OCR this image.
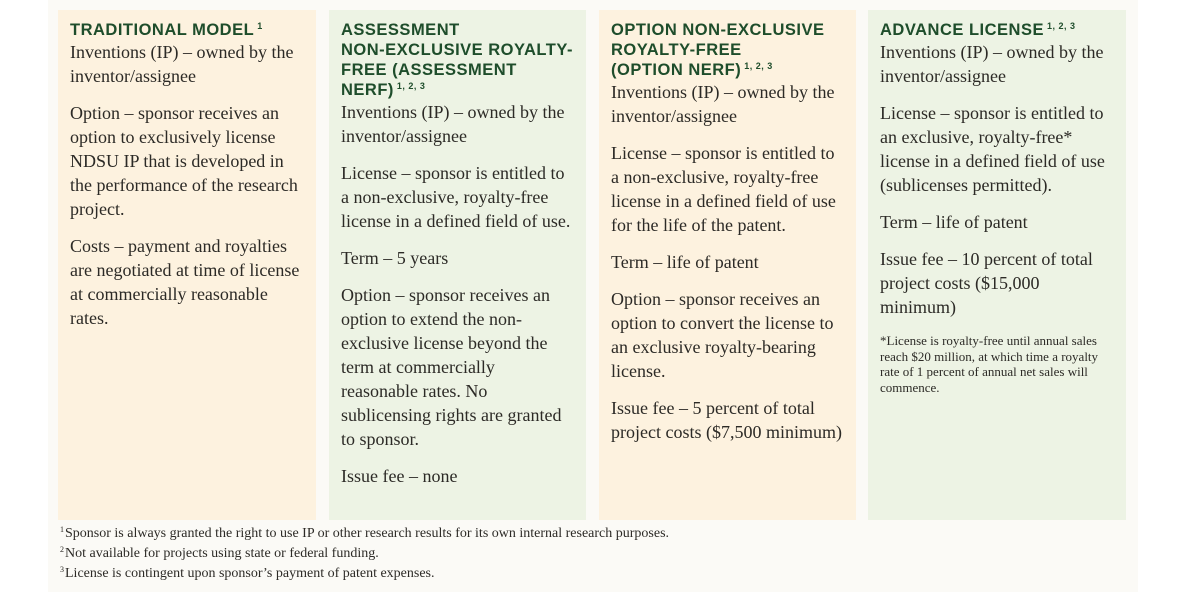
TRADITIONAL MODEL $^1$

Inventions (IP) – owned by the inventor/assignee

Option – sponsor receives an option to exclusively license NDSU IP that is developed in the performance of the research project.

Costs – payment and royalties are negotiated at time of license at commercially reasonable rates.

ASSESSMENT
NON-EXCLUSIVE ROYALTY-
FREE (ASSESSMENT NERF) $^{1, 2, 3}$

Inventions (IP) – owned by the inventor/assignee

License – sponsor is entitled to a non-exclusive, royalty-free license in a defined field of use.

Term – 5 years

Option – sponsor receives an option to extend the non-exclusive license beyond the term at commercially reasonable rates. No sublicensing rights are granted to sponsor.

Issue fee – none

OPTION NON-EXCLUSIVE
ROYALTY-FREE
(OPTION NERF) $^{1, 2, 3}$

Inventions (IP) – owned by the inventor/assignee

License – sponsor is entitled to a non-exclusive, royalty-free license in a defined field of use for the life of the patent.

Term – life of patent

Option – sponsor receives an option to convert the license to an exclusive royalty-bearing license.

Issue fee – 5 percent of total project costs ($7,500 minimum)

ADVANCE LICENSE $^{1, 2, 3}$

Inventions (IP) – owned by the inventor/assignee

License – sponsor is entitled to an exclusive, royalty-free* license in a defined field of use (sublicenses permitted).

Term – life of patent

Issue fee – 10 percent of total project costs ($15,000 minimum)

*License is royalty-free until annual sales reach $20 million, at which time a royalty rate of 1 percent of annual net sales will commence.

$^1$Sponsor is always granted the right to use IP or other research results for its own internal research purposes.

$^2$Not available for projects using state or federal funding.

$^3$License is contingent upon sponsor’s payment of patent expenses.
